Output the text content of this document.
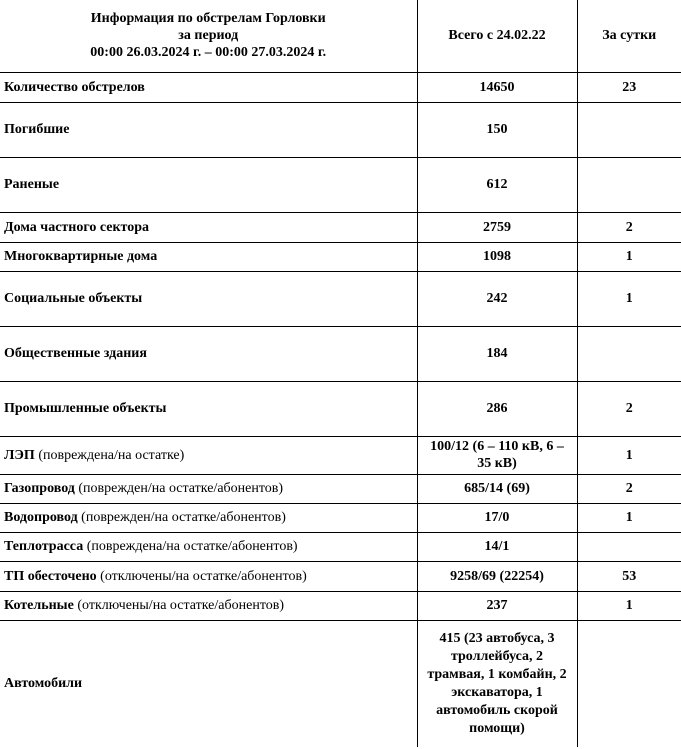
Информация по обстрелам Горловки
за период
00:00 26.03.2024 г. – 00:00 27.03.2024 г.	Всего с 24.02.22	За сутки
Количество обстрелов	14650	23
Погибшие	150	
Раненые	612	
Дома частного сектора	2759	2
Многоквартирные дома	1098	1
Социальные объекты	242	1
Общественные здания	184	
Промышленные объекты	286	2
ЛЭП (повреждена/на остатке)	100/12 (6 – 110 кВ, 6 – 35 кВ)	1
Газопровод (поврежден/на остатке/абонентов)	685/14 (69)	2
Водопровод (поврежден/на остатке/абонентов)	17/0	1
Теплотрасса (повреждена/на остатке/абонентов)	14/1	
ТП обесточено (отключены/на остатке/абонентов)	9258/69 (22254)	53
Котельные (отключены/на остатке/абонентов)	237	1
Автомобили	415 (23 автобуса, 3 троллейбуса, 2 трамвая, 1 комбайн, 2 экскаватора, 1 автомобиль скорой помощи)	
